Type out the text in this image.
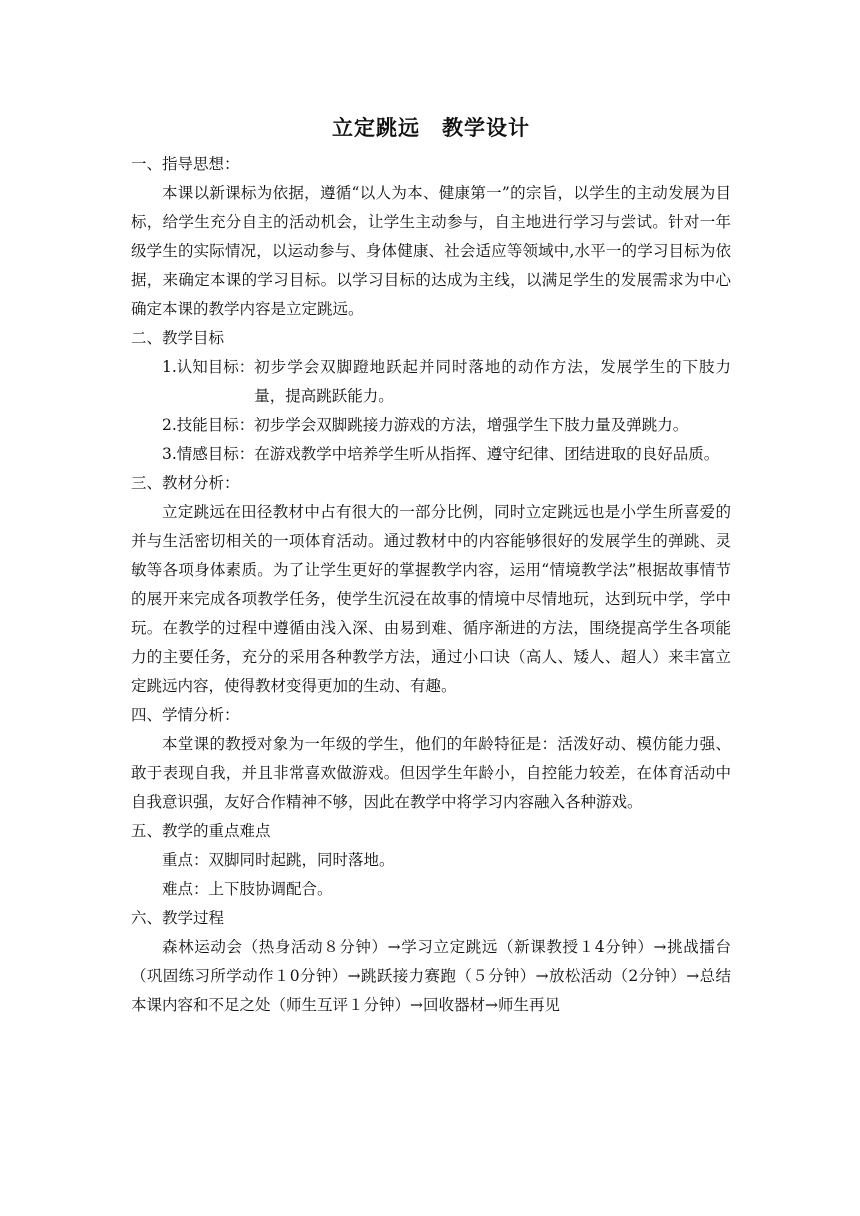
立定跳远　教学设计

一、指导思想：

本课以新课标为依据，遵循“以人为本、健康第一”的宗旨，以学生的主动发展为目标，给学生充分自主的活动机会，让学生主动参与，自主地进行学习与尝试。针对一年级学生的实际情况，以运动参与、身体健康、社会适应等领域中,水平一的学习目标为依据，来确定本课的学习目标。以学习目标的达成为主线，以满足学生的发展需求为中心确定本课的教学内容是立定跳远。

二、教学目标

1.认知目标： 初步学会双脚蹬地跃起并同时落地的动作方法，发展学生的下肢力量，提高跳跃能力。
2.技能目标： 初步学会双脚跳接力游戏的方法，增强学生下肢力量及弹跳力。
3.情感目标： 在游戏教学中培养学生听从指挥、遵守纪律、团结进取的良好品质。

三、教材分析：

立定跳远在田径教材中占有很大的一部分比例，同时立定跳远也是小学生所喜爱的并与生活密切相关的一项体育活动。通过教材中的内容能够很好的发展学生的弹跳、灵敏等各项身体素质。为了让学生更好的掌握教学内容，运用“情境教学法”根据故事情节的展开来完成各项教学任务，使学生沉浸在故事的情境中尽情地玩，达到玩中学，学中玩。在教学的过程中遵循由浅入深、由易到难、循序渐进的方法，围绕提高学生各项能力的主要任务，充分的采用各种教学方法，通过小口诀（高人、矮人、超人）来丰富立定跳远内容，使得教材变得更加的生动、有趣。

四、学情分析：

本堂课的教授对象为一年级的学生，他们的年龄特征是：活泼好动、模仿能力强、敢于表现自我，并且非常喜欢做游戏。但因学生年龄小，自控能力较差，在体育活动中自我意识强，友好合作精神不够，因此在教学中将学习内容融入各种游戏。

五、教学的重点难点

重点：双脚同时起跳，同时落地。

难点：上下肢协调配合。

六、教学过程

森林运动会（热身活动８分钟）→学习立定跳远（新课教授１4分钟）→挑战擂台（巩固练习所学动作１0分钟）→跳跃接力赛跑（５分钟）→放松活动（2分钟）→总结本课内容和不足之处（师生互评１分钟）→回收器材→师生再见
